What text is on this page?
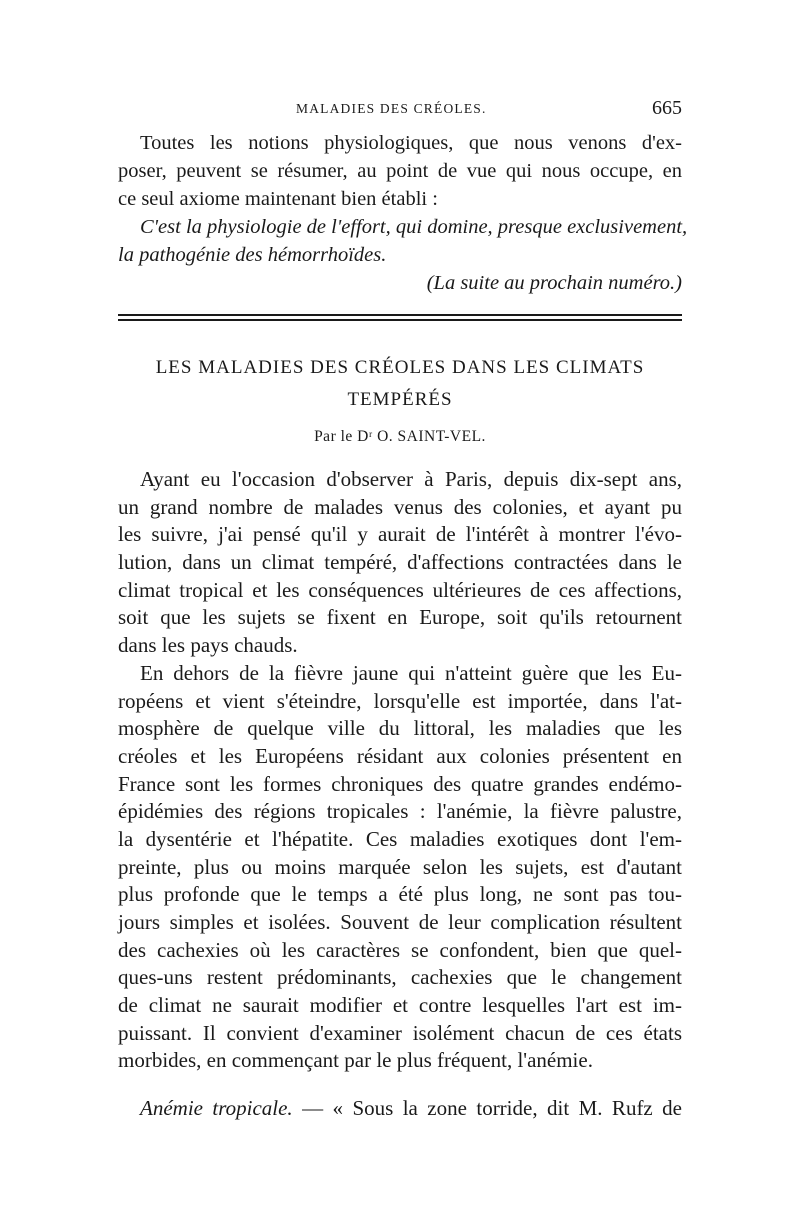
MALADIES DES CRÉOLES.	665
Toutes les notions physiologiques, que nous venons d'ex-
poser, peuvent se résumer, au point de vue qui nous occupe, en
ce seul axiome maintenant bien établi :
C'est la physiologie de l'effort, qui domine, presque exclusivement,
la pathogénie des hémorrhoïdes.
(La suite au prochain numéro.)
LES MALADIES DES CRÉOLES DANS LES CLIMATS
TEMPÉRÉS
Par le Dʳ O. SAINT-VEL.
Ayant eu l'occasion d'observer à Paris, depuis dix-sept ans,
un grand nombre de malades venus des colonies, et ayant pu
les suivre, j'ai pensé qu'il y aurait de l'intérêt à montrer l'évo-
lution, dans un climat tempéré, d'affections contractées dans le
climat tropical et les conséquences ultérieures de ces affections,
soit que les sujets se fixent en Europe, soit qu'ils retournent
dans les pays chauds.
En dehors de la fièvre jaune qui n'atteint guère que les Eu-
ropéens et vient s'éteindre, lorsqu'elle est importée, dans l'at-
mosphère de quelque ville du littoral, les maladies que les
créoles et les Européens résidant aux colonies présentent en
France sont les formes chroniques des quatre grandes endémo-
épidémies des régions tropicales : l'anémie, la fièvre palustre,
la dysentérie et l'hépatite. Ces maladies exotiques dont l'em-
preinte, plus ou moins marquée selon les sujets, est d'autant
plus profonde que le temps a été plus long, ne sont pas tou-
jours simples et isolées. Souvent de leur complication résultent
des cachexies où les caractères se confondent, bien que quel-
ques-uns restent prédominants, cachexies que le changement
de climat ne saurait modifier et contre lesquelles l'art est im-
puissant. Il convient d'examiner isolément chacun de ces états
morbides, en commençant par le plus fréquent, l'anémie.
Anémie tropicale. — « Sous la zone torride, dit M. Rufz de
